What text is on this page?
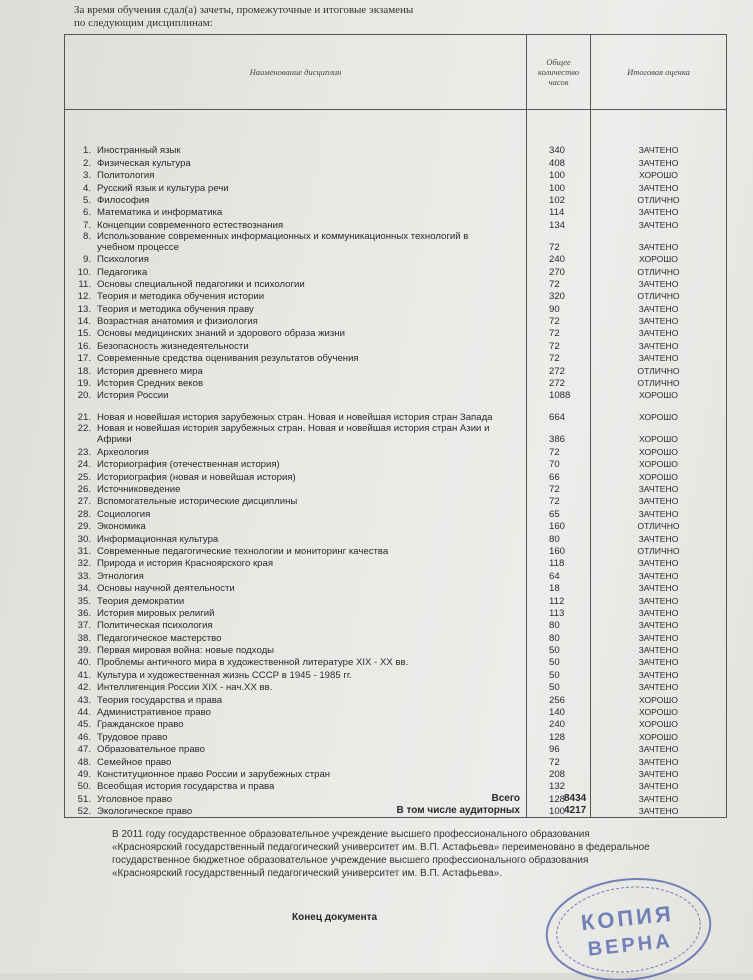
За время обучения сдал(а) зачеты, промежуточные и итоговые экзамены
по следующим дисциплинам:
Наименование дисциплин	Общее количество часов	Итоговая оценка
1. Иностранный язык	340	ЗАЧТЕНО
2. Физическая культура	408	ЗАЧТЕНО
3. Политология	100	ХОРОШО
4. Русский язык и культура речи	100	ЗАЧТЕНО
5. Философия	102	ОТЛИЧНО
6. Математика и информатика	114	ЗАЧТЕНО
7. Концепции современного естествознания	134	ЗАЧТЕНО
8. Использование современных информационных и коммуникационных технологий в учебном процессе	72	ЗАЧТЕНО
9. Психология	240	ХОРОШО
10. Педагогика	270	ОТЛИЧНО
11. Основы специальной педагогики и психологии	72	ЗАЧТЕНО
12. Теория и методика обучения истории	320	ОТЛИЧНО
13. Теория и методика обучения праву	90	ЗАЧТЕНО
14. Возрастная анатомия и физиология	72	ЗАЧТЕНО
15. Основы медицинских знаний и здорового образа жизни	72	ЗАЧТЕНО
16. Безопасность жизнедеятельности	72	ЗАЧТЕНО
17. Современные средства оценивания результатов обучения	72	ЗАЧТЕНО
18. История древнего мира	272	ОТЛИЧНО
19. История Средних веков	272	ОТЛИЧНО
20. История России	1088	ХОРОШО
21. Новая и новейшая история зарубежных стран. Новая и новейшая история стран Запада	664	ХОРОШО
22. Новая и новейшая история зарубежных стран. Новая и новейшая история стран Азии и Африки	386	ХОРОШО
23. Археология	72	ХОРОШО
24. Историография (отечественная история)	70	ХОРОШО
25. Историография (новая и новейшая история)	66	ХОРОШО
26. Источниковедение	72	ЗАЧТЕНО
27. Вспомогательные исторические дисциплины	72	ЗАЧТЕНО
28. Социология	65	ЗАЧТЕНО
29. Экономика	160	ОТЛИЧНО
30. Информационная культура	80	ЗАЧТЕНО
31. Современные педагогические технологии и мониторинг качества	160	ОТЛИЧНО
32. Природа и история Красноярского края	118	ЗАЧТЕНО
33. Этнология	64	ЗАЧТЕНО
34. Основы научной деятельности	18	ЗАЧТЕНО
35. Теория демократии	112	ЗАЧТЕНО
36. История мировых религий	113	ЗАЧТЕНО
37. Политическая психология	80	ЗАЧТЕНО
38. Педагогическое мастерство	80	ЗАЧТЕНО
39. Первая мировая война: новые подходы	50	ЗАЧТЕНО
40. Проблемы античного мира в художественной литературе XIX - XX вв.	50	ЗАЧТЕНО
41. Культура и художественная жизнь СССР в 1945 - 1985 гг.	50	ЗАЧТЕНО
42. Интеллигенция России XIX - нач.XX вв.	50	ЗАЧТЕНО
43. Теория государства и права	256	ХОРОШО
44. Административное право	140	ХОРОШО
45. Гражданское право	240	ХОРОШО
46. Трудовое право	128	ХОРОШО
47. Образовательное право	96	ЗАЧТЕНО
48. Семейное право	72	ЗАЧТЕНО
49. Конституционное право России и зарубежных стран	208	ЗАЧТЕНО
50. Всеобщая история государства и права	132	ЗАЧТЕНО
51. Уголовное право	128	ЗАЧТЕНО
52. Экологическое право	100	ЗАЧТЕНО
Всего	8434
В том числе аудиторных	4217
В 2011 году государственное образовательное учреждение высшего профессионального образования «Красноярский государственный педагогический университет им. В.П. Астафьева» переименовано в федеральное государственное бюджетное образовательное учреждение высшего профессионального образования «Красноярский государственный педагогический университет им. В.П. Астафьева».
Конец документа	КОПИЯ
ВЕРНА
